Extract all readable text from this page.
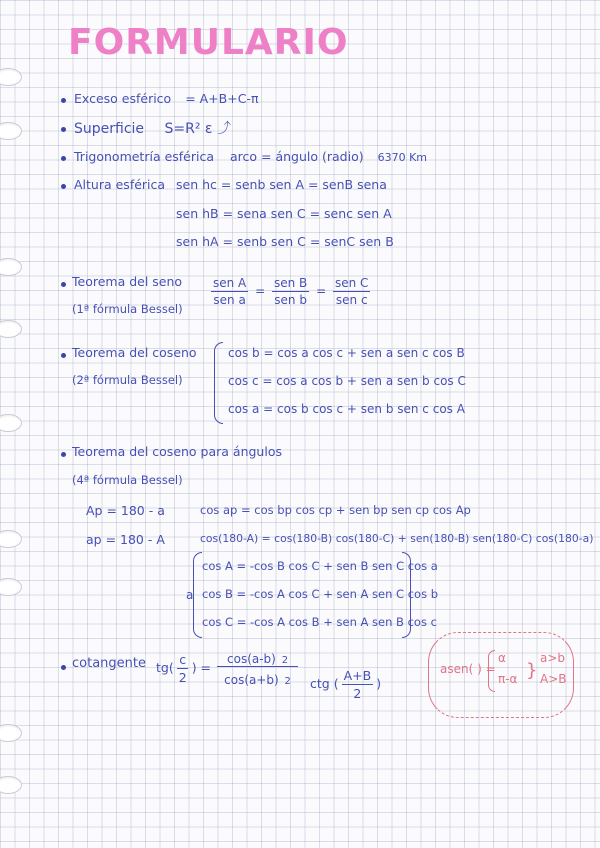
FORMULARIO
Exceso esférico = A+B+C-π
Superficie S=R² ε ⤴
Trigonometría esférica arco = ángulo (radio) 6370 Km
Altura esférica sen hc = senb sen A = senB sena
sen hB = sena sen C = senc sen A
sen hA = senb sen C = senC sen B
Teorema del seno
(1ª fórmula Bessel)
$\frac{\text{sen A}}{\text{sen a}} = \frac{\text{sen B}}{\text{sen b}} = \frac{\text{sen C}}{\text{sen c}}$
Teorema del coseno
(2ª fórmula Bessel)
cos b = cos a cos c + sen a sen c cos B
cos c = cos a cos b + sen a sen b cos C
cos a = cos b cos c + sen b sen c cos A
Teorema del coseno para ángulos
(4ª fórmula Bessel)
Ap = 180 - a
ap = 180 - A
cos ap = cos bp cos cp + sen bp sen cp cos Ap
cos(180-A) = cos(180-B) cos(180-C) + sen(180-B) sen(180-C) cos(180-a)
a
cos A = -cos B cos C + sen B sen C cos a
cos B = -cos A cos C + sen A sen C cos b
cos C = -cos A cos B + sen A sen B cos c
cotangente $tg( \frac{c}{2}$ ) = $\frac{\cos(a-b) 2}{\cos(a+b) 2}$ ctg ( $\frac{A+B}{2}$ )
asen( ) =
α
π-α }
a>b
A>B
